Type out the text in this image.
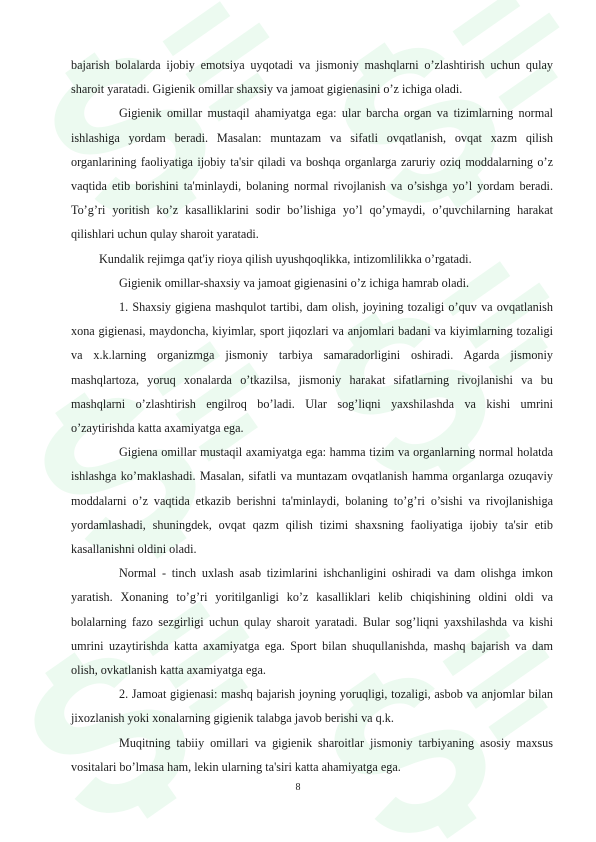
bajarish bolalarda ijobiy emotsiya uyqotadi va jismoniy mashqlarni o’zlashtirish uchun qulay sharoit yaratadi. Gigienik omillar shaxsiy va jamoat gigienasini o’z ichiga oladi.

Gigienik omillar mustaqil ahamiyatga ega: ular barcha organ va tizimlarning normal ishlashiga yordam beradi. Masalan: muntazam va sifatli ovqatlanish, ovqat xazm qilish organlarining faoliyatiga ijobiy ta'sir qiladi va boshqa organlarga zaruriy oziq moddalarning o’z vaqtida etib borishini ta'minlaydi, bolaning normal rivojlanish va o’sishga yo’l yordam beradi. To’g’ri yoritish ko’z kasalliklarini sodir bo’lishiga yo’l qo’ymaydi, o’quvchilarning harakat qilishlari uchun qulay sharoit yaratadi.

Kundalik rejimga qat'iy rioya qilish uyushqoqlikka, intizomlilikka o’rgatadi.

Gigienik omillar-shaxsiy va jamoat gigienasini o’z ichiga hamrab oladi.

1. Shaxsiy gigiena mashqulot tartibi, dam olish, joyining tozaligi o’quv va ovqatlanish xona gigienasi, maydoncha, kiyimlar, sport jiqozlari va anjomlari badani va kiyimlarning tozaligi va x.k.larning organizmga jismoniy tarbiya samaradorligini oshiradi. Agarda jismoniy mashqlartoza, yoruq xonalarda o’tkazilsa, jismoniy harakat sifatlarning rivojlanishi va bu mashqlarni o’zlashtirish engilroq bo’ladi. Ular sog’liqni yaxshilashda va kishi umrini o’zaytirishda katta axamiyatga ega.

Gigienа omillar mustaqil axamiyatga ega: hamma tizim va organlarning normal holatda ishlashga ko’maklashadi. Masalan, sifatli va muntazam ovqatlanish hamma organlarga ozuqaviy moddalarni o’z vaqtida etkazib berishni ta'minlaydi, bolaning to’g’ri o’sishi va rivojlanishiga yordamlashadi, shuningdek, ovqat qazm qilish tizimi shaxsning faoliyatiga ijobiy ta'sir etib kasallanishni oldini oladi.

Normal - tinch uxlash asab tizimlarini ishchanligini oshiradi va dam olishga imkon yaratish. Xonaning to’g’ri yoritilganligi ko’z kasalliklari kelib chiqishining oldini oldi va bolalarning fazo sezgirligi uchun qulay sharoit yaratadi. Bular sog’liqni yaxshilashda va kishi umrini uzaytirishda katta axamiyatga ega. Sport bilan shuqullanishda, mashq bajarish va dam olish, ovkatlanish katta axamiyatga ega.

2. Jamoat gigienasi: mashq bajarish joyning yoruqligi, tozaligi, asbob va anjomlar bilan jixozlanish yoki xonalarning gigienik talabga javob berishi va q.k.

Muqitning tabiiy omillari va gigienik sharoitlar jismoniy tarbiyaning asosiy maxsus vositalari bo’lmasa ham, lekin ularning ta'siri katta ahamiyatga ega.

8
